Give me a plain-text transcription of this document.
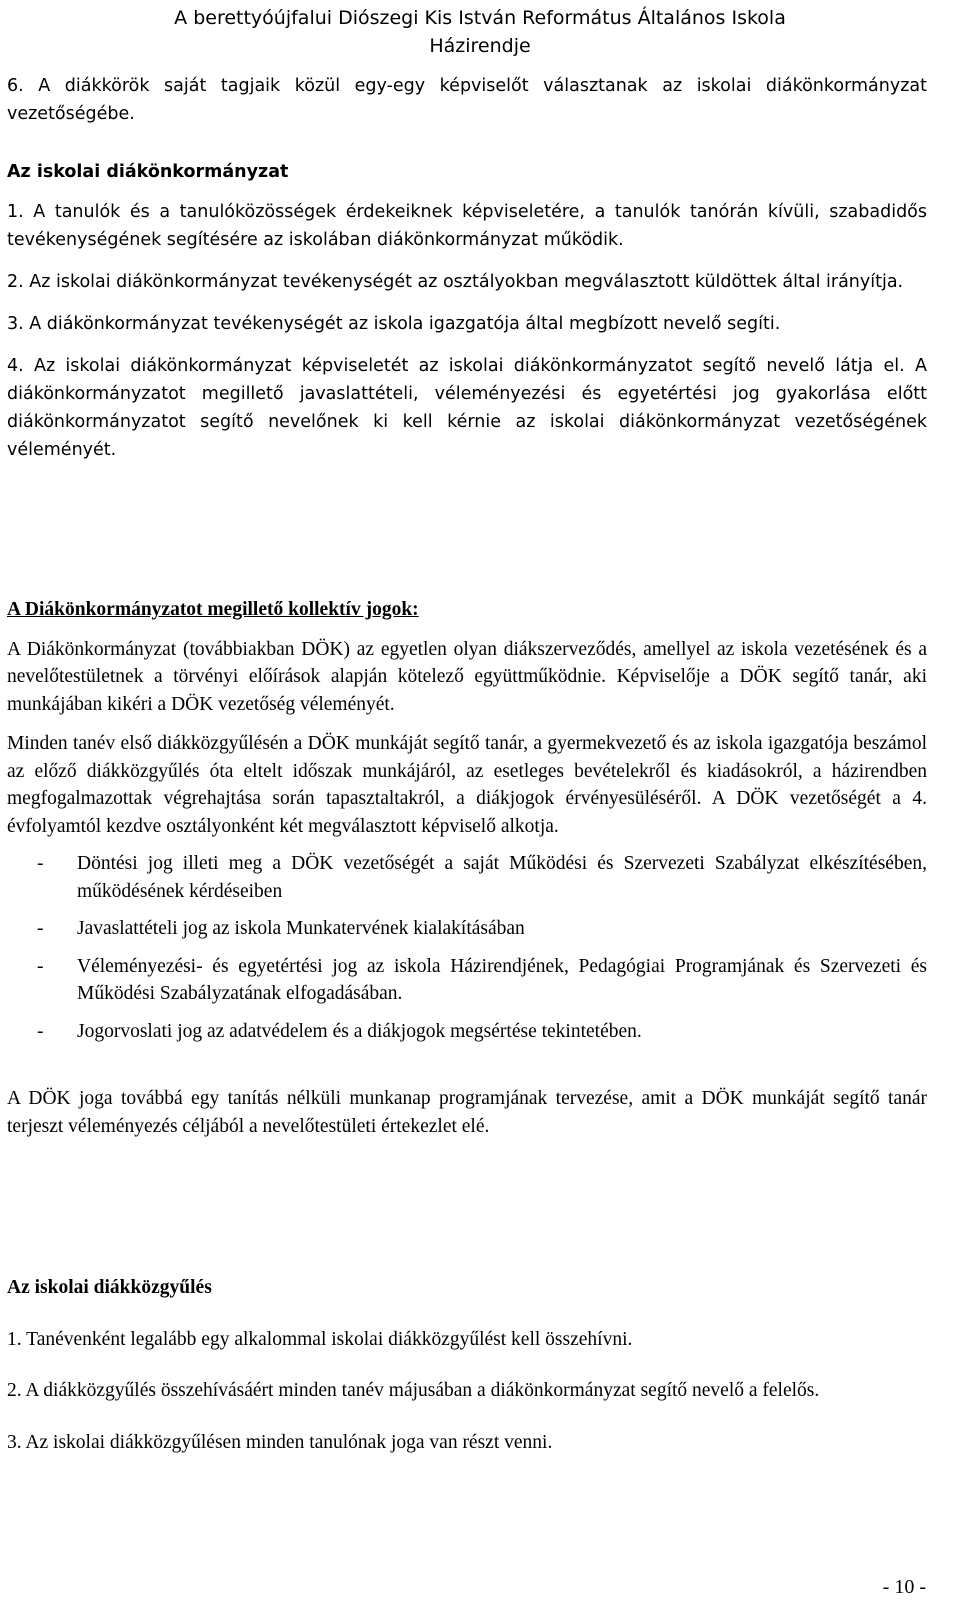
A berettyóújfalui Diószegi Kis István Református Általános Iskola
Házirendje

6. A diákkörök saját tagjaik közül egy-egy képviselőt választanak az iskolai diákönkormányzat vezetőségébe.

Az iskolai diákönkormányzat

1. A tanulók és a tanulóközösségek érdekeiknek képviseletére, a tanulók tanórán kívüli, szabadidős tevékenységének segítésére az iskolában diákönkormányzat működik.

2. Az iskolai diákönkormányzat tevékenységét az osztályokban megválasztott küldöttek által irányítja.

3. A diákönkormányzat tevékenységét az iskola igazgatója által megbízott nevelő segíti.

4. Az iskolai diákönkormányzat képviseletét az iskolai diákönkormányzatot segítő nevelő látja el. A diákönkormányzatot megillető javaslattételi, véleményezési és egyetértési jog gyakorlása előtt diákönkormányzatot segítő nevelőnek ki kell kérnie az iskolai diákönkormányzat vezetőségének véleményét.

A Diákönkormányzatot megillető kollektív jogok:

A Diákönkormányzat (továbbiakban DÖK) az egyetlen olyan diákszerveződés, amellyel az iskola vezetésének és a nevelőtestületnek a törvényi előírások alapján kötelező együttműködnie. Képviselője a DÖK segítő tanár, aki munkájában kikéri a DÖK vezetőség véleményét.

Minden tanév első diákközgyűlésén a DÖK munkáját segítő tanár, a gyermekvezető és az iskola igazgatója beszámol az előző diákközgyűlés óta eltelt időszak munkájáról, az esetleges bevételekről és kiadásokról, a házirendben megfogalmazottak végrehajtása során tapasztaltakról, a diákjogok érvényesüléséről. A DÖK vezetőségét a 4. évfolyamtól kezdve osztályonként két megválasztott képviselő alkotja.

- Döntési jog illeti meg a DÖK vezetőségét a saját Működési és Szervezeti Szabályzat elkészítésében, működésének kérdéseiben
- Javaslattételi jog az iskola Munkatervének kialakításában
- Véleményezési- és egyetértési jog az iskola Házirendjének, Pedagógiai Programjának és Szervezeti és Működési Szabályzatának elfogadásában.
- Jogorvoslati jog az adatvédelem és a diákjogok megsértése tekintetében.

A DÖK joga továbbá egy tanítás nélküli munkanap programjának tervezése, amit a DÖK munkáját segítő tanár terjeszt véleményezés céljából a nevelőtestületi értekezlet elé.

Az iskolai diákközgyűlés

1. Tanévenként legalább egy alkalommal iskolai diákközgyűlést kell összehívni.

2. A diákközgyűlés összehívásáért minden tanév májusában a diákönkormányzat segítő nevelő a felelős.

3. Az iskolai diákközgyűlésen minden tanulónak joga van részt venni.

- 10 -
